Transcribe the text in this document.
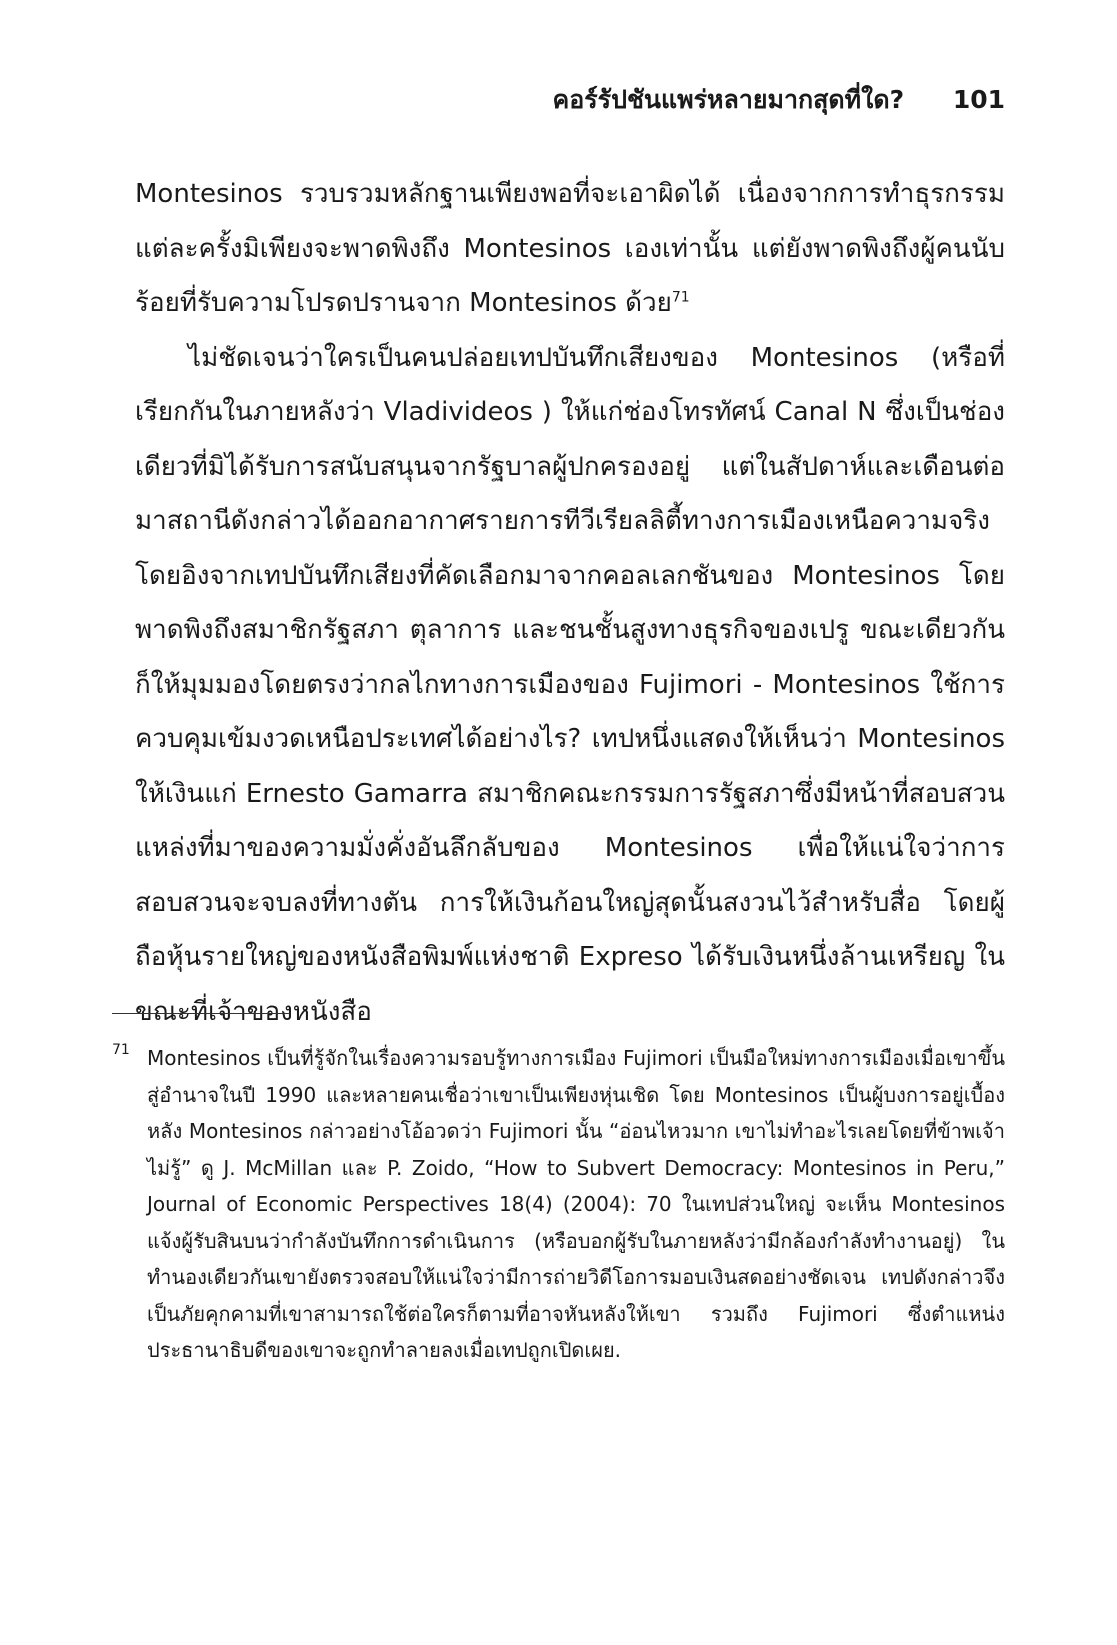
คอร์รัปชันแพร่หลายมากสุดที่ใด? 101

Montesinos รวบรวมหลักฐานเพียงพอที่จะเอาผิดได้ เนื่องจากการทำธุรกรรมแต่ละครั้งมิเพียงจะพาดพิงถึง Montesinos เองเท่านั้น แต่ยังพาดพิงถึงผู้คนนับร้อยที่รับความโปรดปรานจาก Montesinos ด้วย$^{71}$

ไม่ชัดเจนว่าใครเป็นคนปล่อยเทปบันทึกเสียงของ Montesinos (หรือที่เรียกกันในภายหลังว่า Vladivideos ) ให้แก่ช่องโทรทัศน์ Canal N ซึ่งเป็นช่องเดียวที่มิได้รับการสนับสนุนจากรัฐบาลผู้ปกครองอยู่ แต่ในสัปดาห์และเดือนต่อมาสถานีดังกล่าวได้ออกอากาศรายการทีวีเรียลลิตี้ทางการเมืองเหนือความจริงโดยอิงจากเทปบันทึกเสียงที่คัดเลือกมาจากคอลเลกชันของ Montesinos โดยพาดพิงถึงสมาชิกรัฐสภา ตุลาการ และชนชั้นสูงทางธุรกิจของเปรู ขณะเดียวกันก็ให้มุมมองโดยตรงว่ากลไกทางการเมืองของ Fujimori - Montesinos ใช้การควบคุมเข้มงวดเหนือประเทศได้อย่างไร? เทปหนึ่งแสดงให้เห็นว่า Montesinos ให้เงินแก่ Ernesto Gamarra สมาชิกคณะกรรมการรัฐสภาซึ่งมีหน้าที่สอบสวนแหล่งที่มาของความมั่งคั่งอันลึกลับของ Montesinos เพื่อให้แน่ใจว่าการสอบสวนจะจบลงที่ทางตัน การให้เงินก้อนใหญ่สุดนั้นสงวนไว้สำหรับสื่อ โดยผู้ถือหุ้นรายใหญ่ของหนังสือพิมพ์แห่งชาติ Expreso ได้รับเงินหนึ่งล้านเหรียญ ในขณะที่เจ้าของหนังสือ

71 Montesinos เป็นที่รู้จักในเรื่องความรอบรู้ทางการเมือง Fujimori เป็นมือใหม่ทางการเมืองเมื่อเขาขึ้นสู่อำนาจในปี 1990 และหลายคนเชื่อว่าเขาเป็นเพียงหุ่นเชิด โดย Montesinos เป็นผู้บงการอยู่เบื้องหลัง Montesinos กล่าวอย่างโอ้อวดว่า Fujimori นั้น “อ่อนไหวมาก เขาไม่ทำอะไรเลยโดยที่ข้าพเจ้าไม่รู้” ดู J. McMillan และ P. Zoido, “How to Subvert Democracy: Montesinos in Peru,” Journal of Economic Perspectives 18(4) (2004): 70 ในเทปส่วนใหญ่ จะเห็น Montesinos แจ้งผู้รับสินบนว่ากำลังบันทึกการดำเนินการ (หรือบอกผู้รับในภายหลังว่ามีกล้องกำลังทำงานอยู่) ในทำนองเดียวกันเขายังตรวจสอบให้แน่ใจว่ามีการถ่ายวิดีโอการมอบเงินสดอย่างชัดเจน เทปดังกล่าวจึงเป็นภัยคุกคามที่เขาสามารถใช้ต่อใครก็ตามที่อาจหันหลังให้เขา รวมถึง Fujimori ซึ่งตำแหน่งประธานาธิบดีของเขาจะถูกทำลายลงเมื่อเทปถูกเปิดเผย.
